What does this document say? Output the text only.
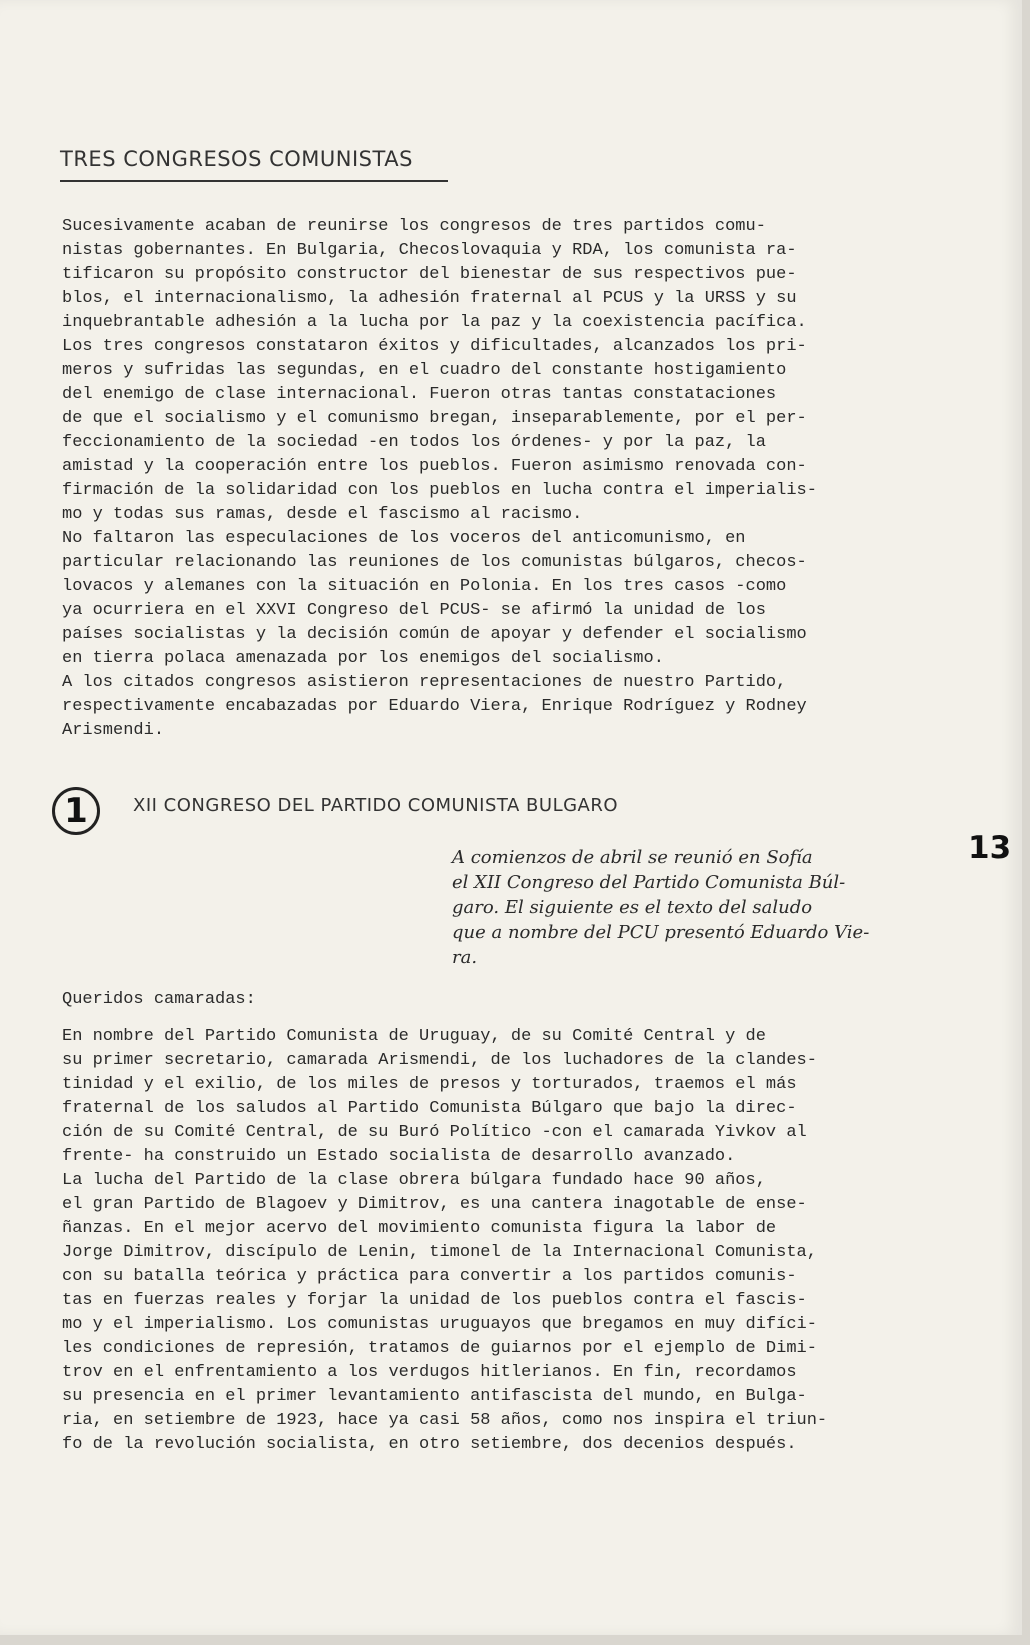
TRES CONGRESOS COMUNISTAS

Sucesivamente acaban de reunirse los congresos de tres partidos comu-
nistas gobernantes. En Bulgaria, Checoslovaquia y RDA, los comunista ra-
tificaron su propósito constructor del bienestar de sus respectivos pue-
blos, el internacionalismo, la adhesión fraternal al PCUS y la URSS y su
inquebrantable adhesión a la lucha por la paz y la coexistencia pacífica.
Los tres congresos constataron éxitos y dificultades, alcanzados los pri-
meros y sufridas las segundas, en el cuadro del constante hostigamiento
del enemigo de clase internacional. Fueron otras tantas constataciones
de que el socialismo y el comunismo bregan, inseparablemente, por el per-
feccionamiento de la sociedad -en todos los órdenes- y por la paz, la
amistad y la cooperación entre los pueblos. Fueron asimismo renovada con-
firmación de la solidaridad con los pueblos en lucha contra el imperialis-
mo y todas sus ramas, desde el fascismo al racismo.
No faltaron las especulaciones de los voceros del anticomunismo, en
particular relacionando las reuniones de los comunistas búlgaros, checos-
lovacos y alemanes con la situación en Polonia. En los tres casos -como
ya ocurriera en el XXVI Congreso del PCUS- se afirmó la unidad de los
países socialistas y la decisión común de apoyar y defender el socialismo
en tierra polaca amenazada por los enemigos del socialismo.
A los citados congresos asistieron representaciones de nuestro Partido,
respectivamente encabazadas por Eduardo Viera, Enrique Rodríguez y Rodney
Arismendi.

1	XII CONGRESO DEL PARTIDO COMUNISTA BULGARO
13

A comienzos de abril se reunió en Sofía
el XII Congreso del Partido Comunista Búl-
garo. El siguiente es el texto del saludo
que a nombre del PCU presentó Eduardo Vie-
ra.

Queridos camaradas:

En nombre del Partido Comunista de Uruguay, de su Comité Central y de
su primer secretario, camarada Arismendi, de los luchadores de la clandes-
tinidad y el exilio, de los miles de presos y torturados, traemos el más
fraternal de los saludos al Partido Comunista Búlgaro que bajo la direc-
ción de su Comité Central, de su Buró Político -con el camarada Yivkov al
frente- ha construido un Estado socialista de desarrollo avanzado.
La lucha del Partido de la clase obrera búlgara fundado hace 90 años,
el gran Partido de Blagoev y Dimitrov, es una cantera inagotable de ense-
ñanzas. En el mejor acervo del movimiento comunista figura la labor de
Jorge Dimitrov, discípulo de Lenin, timonel de la Internacional Comunista,
con su batalla teórica y práctica para convertir a los partidos comunis-
tas en fuerzas reales y forjar la unidad de los pueblos contra el fascis-
mo y el imperialismo. Los comunistas uruguayos que bregamos en muy difíci-
les condiciones de represión, tratamos de guiarnos por el ejemplo de Dimi-
trov en el enfrentamiento a los verdugos hitlerianos. En fin, recordamos
su presencia en el primer levantamiento antifascista del mundo, en Bulga-
ria, en setiembre de 1923, hace ya casi 58 años, como nos inspira el triun-
fo de la revolución socialista, en otro setiembre, dos decenios después.
